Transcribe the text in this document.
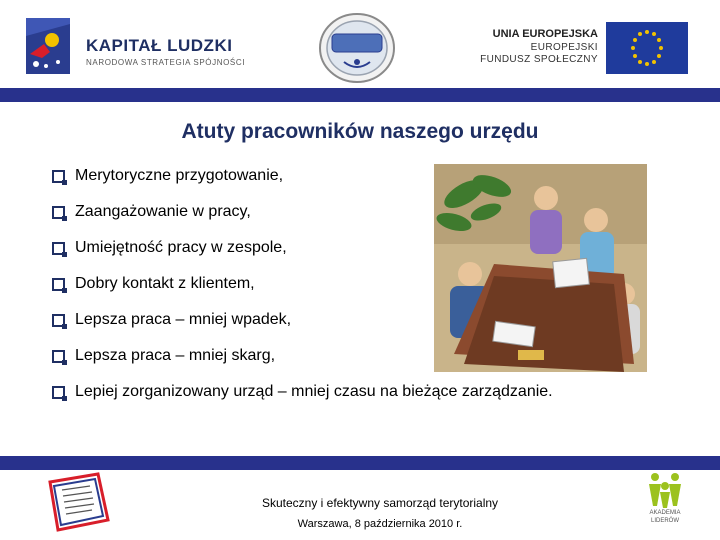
KAPITAŁ LUDZKI
NARODOWA STRATEGIA SPÓJNOŚCI
UNIA EUROPEJSKA
EUROPEJSKI
FUNDUSZ SPOŁECZNY
Atuty pracowników naszego urzędu
Merytoryczne przygotowanie,
Zaangażowanie w pracy,
Umiejętność pracy w zespole,
Dobry kontakt z klientem,
Lepsza praca – mniej wpadek,
Lepsza praca – mniej skarg,
Lepiej zorganizowany urząd – mniej czasu na bieżące zarządzanie.
Skuteczny i efektywny samorząd terytorialny
Warszawa, 8 października 2010 r.
AKADEMIA
LIDERÓW
